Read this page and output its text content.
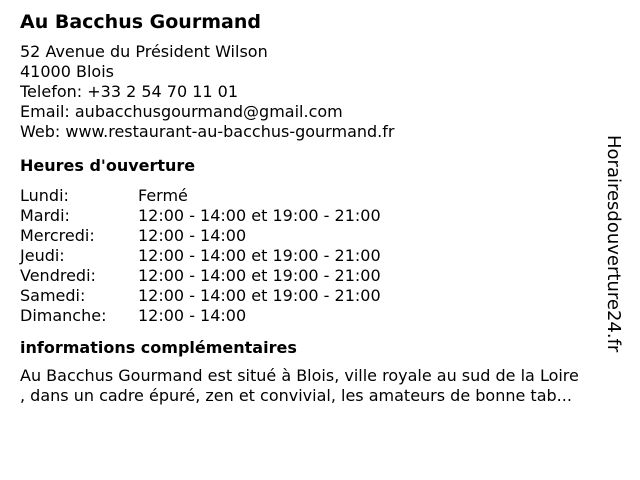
Au Bacchus Gourmand
52 Avenue du Président Wilson
41000 Blois
Telefon: +33 2 54 70 11 01
Email: aubacchusgourmand@gmail.com
Web: www.restaurant-au-bacchus-gourmand.fr
Heures d'ouverture
Lundi:	Fermé
Mardi:	12:00 - 14:00 et 19:00 - 21:00
Mercredi:	12:00 - 14:00
Jeudi:	12:00 - 14:00 et 19:00 - 21:00
Vendredi:	12:00 - 14:00 et 19:00 - 21:00
Samedi:	12:00 - 14:00 et 19:00 - 21:00
Dimanche:	12:00 - 14:00
informations complémentaires
Au Bacchus Gourmand est situé à Blois, ville royale au sud de la Loire
, dans un cadre épuré, zen et convivial, les amateurs de bonne tab...
Horairesdouverture24.fr
